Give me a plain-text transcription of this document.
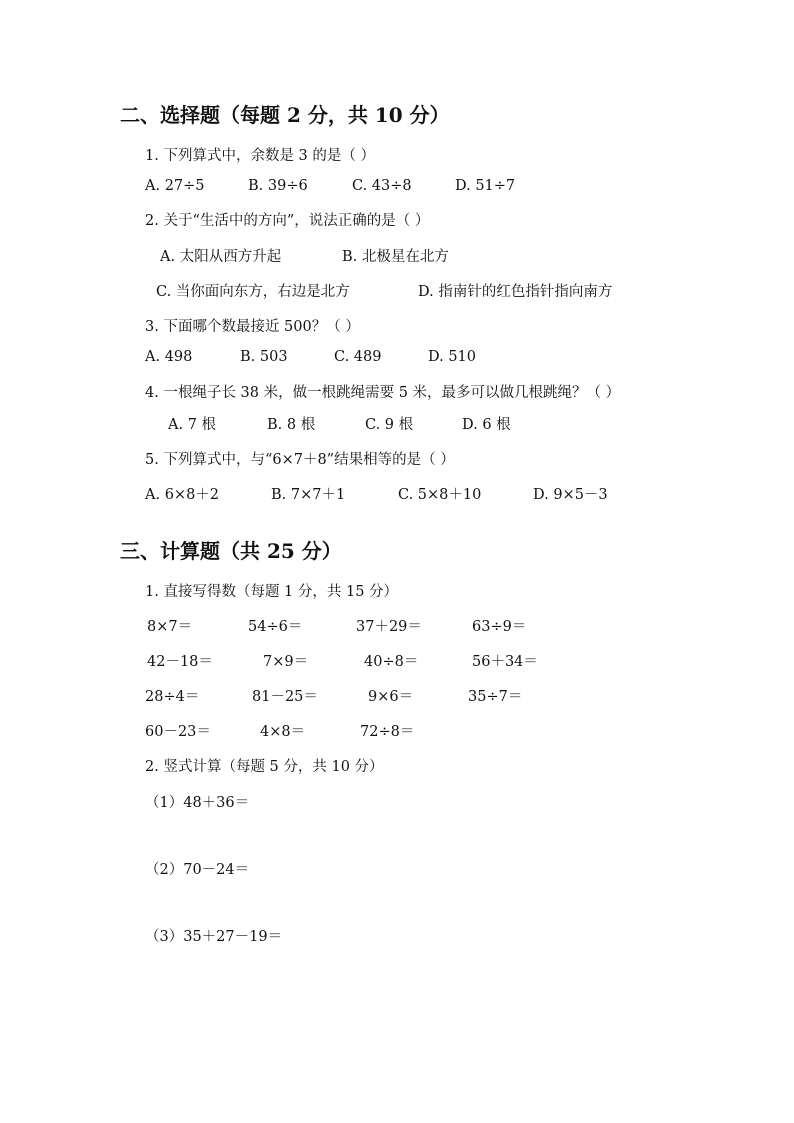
二、选择题（每题 2 分，共 10 分）
1. 下列算式中，余数是 3 的是（ ）
A. 27÷5	B. 39÷6	C. 43÷8	D. 51÷7
2. 关于“生活中的方向”，说法正确的是（ ）
A. 太阳从西方升起	B. 北极星在北方
C. 当你面向东方，右边是北方	D. 指南针的红色指针指向南方
3. 下面哪个数最接近 500？（ ）
A. 498	B. 503	C. 489	D. 510
4. 一根绳子长 38 米，做一根跳绳需要 5 米，最多可以做几根跳绳？（ ）
A. 7 根	B. 8 根	C. 9 根	D. 6 根
5. 下列算式中，与“6×7＋8”结果相等的是（ ）
A. 6×8＋2	B. 7×7＋1	C. 5×8＋10	D. 9×5－3
三、计算题（共 25 分）
1. 直接写得数（每题 1 分，共 15 分）
8×7＝	54÷6＝	37＋29＝	63÷9＝
42－18＝	7×9＝	40÷8＝	56＋34＝
28÷4＝	81－25＝	9×6＝	35÷7＝
60－23＝	4×8＝	72÷8＝
2. 竖式计算（每题 5 分，共 10 分）
（1）48＋36＝
（2）70－24＝
（3）35＋27－19＝
